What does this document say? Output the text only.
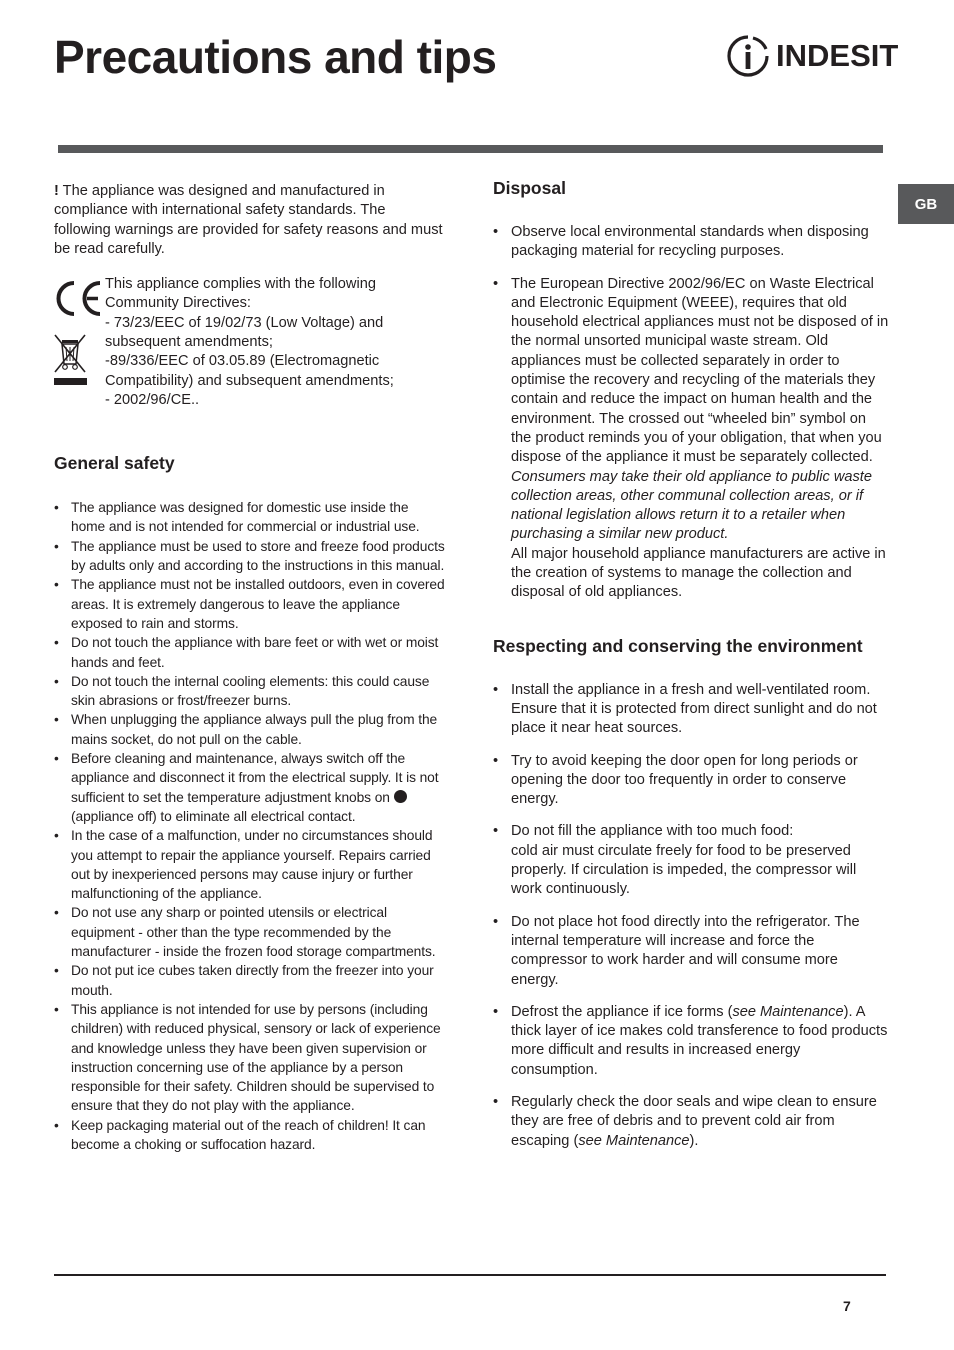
Precautions and tips	INDESIT
GB

! The appliance was designed and manufactured in compliance with international safety standards. The following warnings are provided for safety reasons and must be read carefully.

This appliance complies with the following
Community Directives:
- 73/23/EEC of 19/02/73 (Low Voltage) and
subsequent amendments;
-89/336/EEC of 03.05.89 (Electromagnetic
Compatibility) and subsequent amendments;
- 2002/96/CE..
General safety
• The appliance was designed for domestic use inside the home and is not intended for commercial or industrial use.
• The appliance must be used to store and freeze food products by adults only and according to the instructions in this manual.
• The appliance must not be installed outdoors, even in covered areas. It is extremely dangerous to leave the appliance exposed to rain and storms.
• Do not touch the appliance with bare feet or with wet or moist hands and feet.
• Do not touch the internal cooling elements: this could cause skin abrasions or frost/freezer burns.
• When unplugging the appliance always pull the plug from the mains socket, do not pull on the cable.
• Before cleaning and maintenance, always switch off the appliance and disconnect it from the electrical supply. It is not sufficient to set the temperature adjustment knobs on (appliance off) to eliminate all electrical contact.
• In the case of a malfunction, under no circumstances should you attempt to repair the appliance yourself. Repairs carried out by inexperienced persons may cause injury or further malfunctioning of the appliance.
• Do not use any sharp or pointed utensils or electrical equipment - other than the type recommended by the manufacturer - inside the frozen food storage compartments.
• Do not put ice cubes taken directly from the freezer into your mouth.
• This appliance is not intended for use by persons (including children) with reduced physical, sensory or lack of experience and knowledge unless they have been given supervision or instruction concerning use of the appliance by a person responsible for their safety. Children should be supervised to ensure that they do not play with the appliance.
• Keep packaging material out of the reach of children! It can become a choking or suffocation hazard.
Disposal
• Observe local environmental standards when disposing packaging material for recycling purposes.
• The European Directive 2002/96/EC on Waste Electrical and Electronic Equipment (WEEE), requires that old household electrical appliances must not be disposed of in the normal unsorted municipal waste stream. Old appliances must be collected separately in order to optimise the recovery and recycling of the materials they contain and reduce the impact on human health and the environment. The crossed out “wheeled bin” symbol on the product reminds you of your obligation, that when you dispose of the appliance it must be separately collected.
Consumers may take their old appliance to public waste collection areas, other communal collection areas, or if national legislation allows return it to a retailer when purchasing a similar new product.
All major household appliance manufacturers are active in the creation of systems to manage the collection and disposal of old appliances.
Respecting and conserving the environment
• Install the appliance in a fresh and well-ventilated room. Ensure that it is protected from direct sunlight and do not place it near heat sources.
• Try to avoid keeping the door open for long periods or opening the door too frequently in order to conserve energy.
• Do not fill the appliance with too much food:
cold air must circulate freely for food to be preserved properly. If circulation is impeded, the compressor will work continuously.
• Do not place hot food directly into the refrigerator. The internal temperature will increase and force the compressor to work harder and will consume more energy.
• Defrost the appliance if ice forms (see Maintenance). A thick layer of ice makes cold transference to food products more difficult and results in increased energy consumption.
• Regularly check the door seals and wipe clean to ensure they are free of debris and to prevent cold air from escaping (see Maintenance).
7
